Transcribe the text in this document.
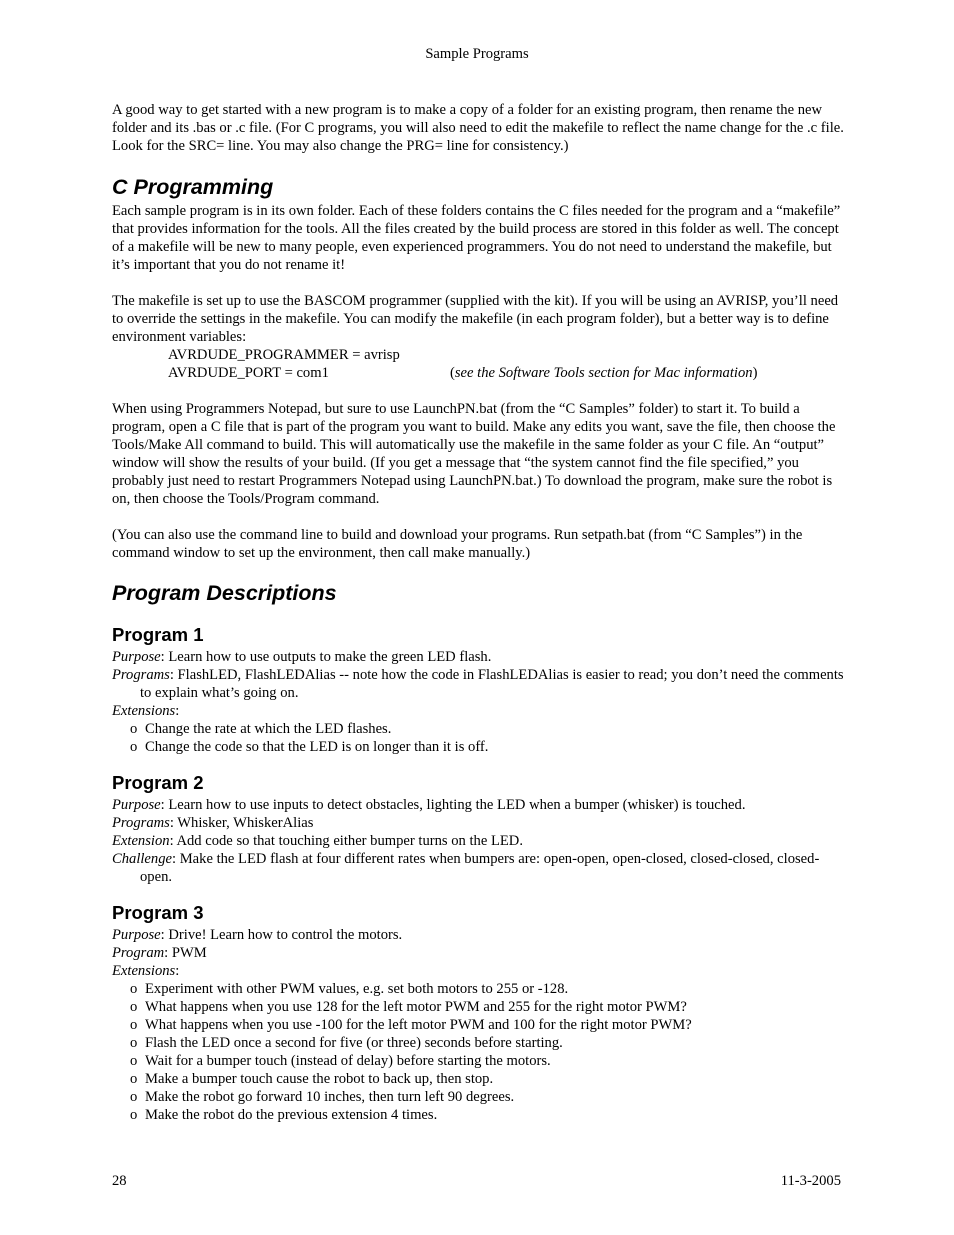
Sample Programs

A good way to get started with a new program is to make a copy of a folder for an existing program, then rename the new folder and its .bas or .c file. (For C programs, you will also need to edit the makefile to reflect the name change for the .c file. Look for the SRC= line. You may also change the PRG= line for consistency.)

C Programming

Each sample program is in its own folder. Each of these folders contains the C files needed for the program and a “makefile” that provides information for the tools. All the files created by the build process are stored in this folder as well. The concept of a makefile will be new to many people, even experienced programmers. You do not need to understand the makefile, but it’s important that you do not rename it!

The makefile is set up to use the BASCOM programmer (supplied with the kit). If you will be using an AVRISP, you’ll need to override the settings in the makefile. You can modify the makefile (in each program folder), but a better way is to define environment variables:

AVRDUDE_PROGRAMMER = avrisp
AVRDUDE_PORT = com1	(see the Software Tools section for Mac information)

When using Programmers Notepad, but sure to use LaunchPN.bat (from the “C Samples” folder) to start it. To build a program, open a C file that is part of the program you want to build. Make any edits you want, save the file, then choose the Tools/Make All command to build. This will automatically use the makefile in the same folder as your C file. An “output” window will show the results of your build. (If you get a message that “the system cannot find the file specified,” you probably just need to restart Programmers Notepad using LaunchPN.bat.) To download the program, make sure the robot is on, then choose the Tools/Program command.

(You can also use the command line to build and download your programs. Run setpath.bat (from “C Samples”) in the command window to set up the environment, then call make manually.)

Program Descriptions
Program 1

Purpose: Learn how to use outputs to make the green LED flash.

Programs: FlashLED, FlashLEDAlias -- note how the code in FlashLEDAlias is easier to read; you don’t need the comments to explain what’s going on.

Extensions:

o Change the rate at which the LED flashes.
o Change the code so that the LED is on longer than it is off.
Program 2

Purpose: Learn how to use inputs to detect obstacles, lighting the LED when a bumper (whisker) is touched.

Programs: Whisker, WhiskerAlias

Extension: Add code so that touching either bumper turns on the LED.

Challenge: Make the LED flash at four different rates when bumpers are: open-open, open-closed, closed-closed, closed-open.

Program 3

Purpose: Drive! Learn how to control the motors.

Program: PWM

Extensions:

o Experiment with other PWM values, e.g. set both motors to 255 or -128.
o What happens when you use 128 for the left motor PWM and 255 for the right motor PWM?
o What happens when you use -100 for the left motor PWM and 100 for the right motor PWM?
o Flash the LED once a second for five (or three) seconds before starting.
o Wait for a bumper touch (instead of delay) before starting the motors.
o Make a bumper touch cause the robot to back up, then stop.
o Make the robot go forward 10 inches, then turn left 90 degrees.
o Make the robot do the previous extension 4 times.
28	11-3-2005
